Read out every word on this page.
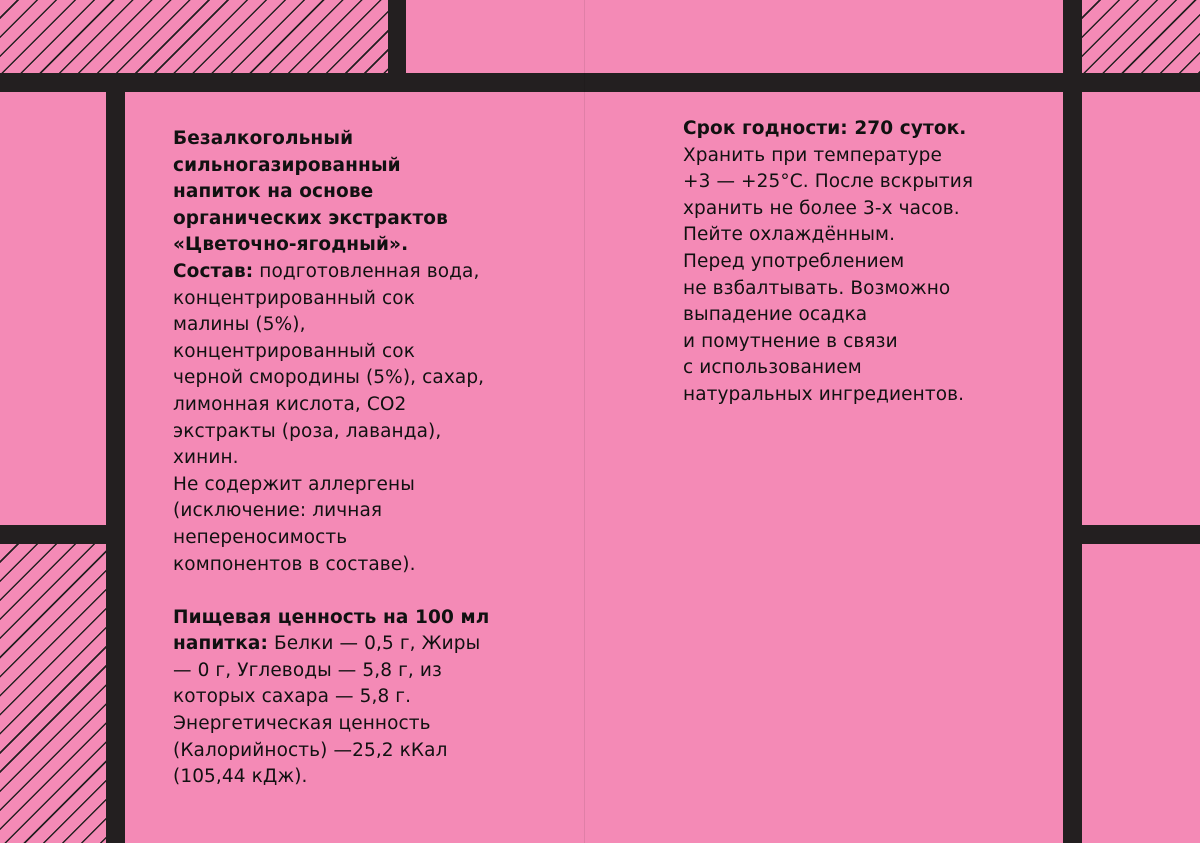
Безалкогольный
сильногазированный
напиток на основе
органических экстрактов
«Цветочно-ягодный».

Состав: подготовленная вода,
концентрированный сок
малины (5%),
концентрированный сок
черной смородины (5%), сахар,
лимонная кислота, CO2
экстракты (роза, лаванда),
хинин.

Не содержит аллергены
(исключение: личная
непереносимость
компонентов в составе).

Пищевая ценность на 100 мл
напитка: Белки — 0,5 г, Жиры
— 0 г, Углеводы — 5,8 г, из
которых сахара — 5,8 г.
Энергетическая ценность
(Калорийность) —25,2 кКал
(105,44 кДж).

Срок годности: 270 суток.
Хранить при температуре
+3 — +25°C. После вскрытия
хранить не более 3-х часов.
Пейте охлаждённым.
Перед употреблением
не взбалтывать. Возможно
выпадение осадка
и помутнение в связи
с использованием
натуральных ингредиентов.
